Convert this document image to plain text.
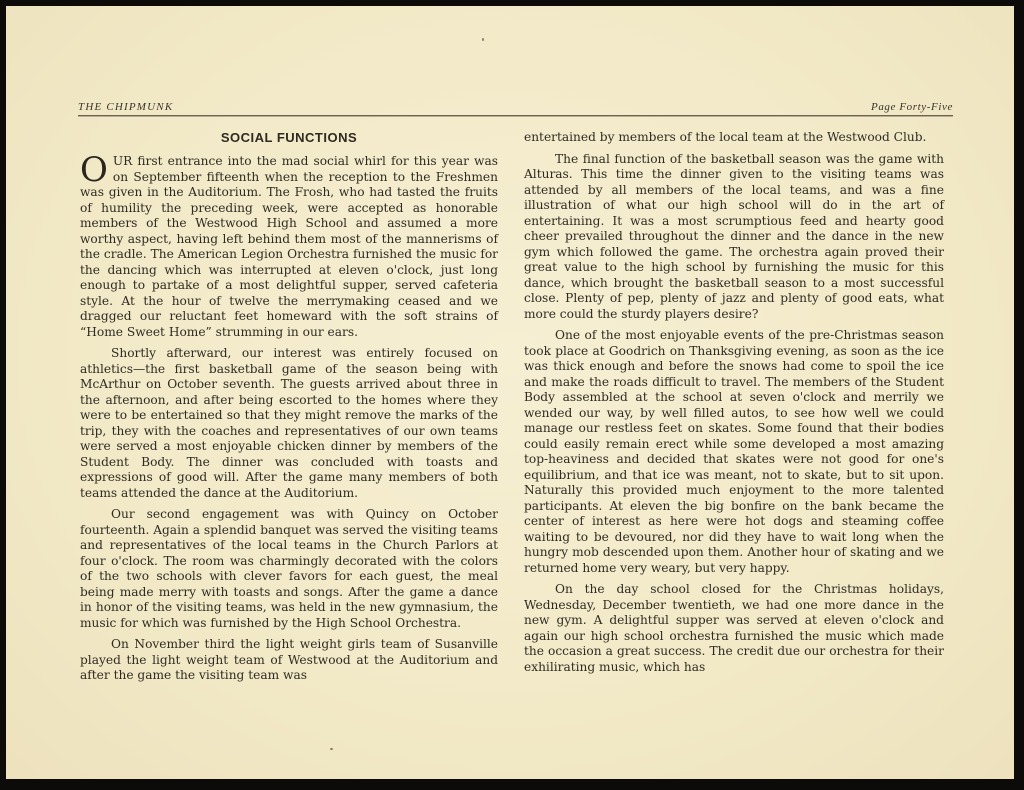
THE CHIPMUNK	Page Forty-Five
SOCIAL FUNCTIONS

OUR first entrance into the mad social whirl for this year was on September fifteenth when the reception to the Freshmen was given in the Auditorium. The Frosh, who had tasted the fruits of humility the preceding week, were accepted as honorable members of the Westwood High School and assumed a more worthy aspect, having left behind them most of the mannerisms of the cradle. The American Legion Orchestra furnished the music for the dancing which was interrupted at eleven o'clock, just long enough to partake of a most delightful supper, served cafeteria style. At the hour of twelve the merrymaking ceased and we dragged our reluctant feet homeward with the soft strains of “Home Sweet Home” strumming in our ears.

Shortly afterward, our interest was entirely focused on athletics—the first basketball game of the season being with McArthur on October seventh. The guests arrived about three in the afternoon, and after being escorted to the homes where they were to be entertained so that they might remove the marks of the trip, they with the coaches and representatives of our own teams were served a most enjoyable chicken dinner by members of the Student Body. The dinner was concluded with toasts and expressions of good will. After the game many members of both teams attended the dance at the Auditorium.

Our second engagement was with Quincy on October fourteenth. Again a splendid banquet was served the visiting teams and representatives of the local teams in the Church Parlors at four o'clock. The room was charmingly decorated with the colors of the two schools with clever favors for each guest, the meal being made merry with toasts and songs. After the game a dance in honor of the visiting teams, was held in the new gymnasium, the music for which was furnished by the High School Orchestra.

On November third the light weight girls team of Susanville played the light weight team of Westwood at the Auditorium and after the game the visiting team was

entertained by members of the local team at the Westwood Club.

The final function of the basketball season was the game with Alturas. This time the dinner given to the visiting teams was attended by all members of the local teams, and was a fine illustration of what our high school will do in the art of entertaining. It was a most scrumptious feed and hearty good cheer prevailed throughout the dinner and the dance in the new gym which followed the game. The orchestra again proved their great value to the high school by furnishing the music for this dance, which brought the basketball season to a most successful close. Plenty of pep, plenty of jazz and plenty of good eats, what more could the sturdy players desire?

One of the most enjoyable events of the pre-Christmas season took place at Goodrich on Thanksgiving evening, as soon as the ice was thick enough and before the snows had come to spoil the ice and make the roads difficult to travel. The members of the Student Body assembled at the school at seven o'clock and merrily we wended our way, by well filled autos, to see how well we could manage our restless feet on skates. Some found that their bodies could easily remain erect while some developed a most amazing top-heaviness and decided that skates were not good for one's equilibrium, and that ice was meant, not to skate, but to sit upon. Naturally this provided much enjoyment to the more talented participants. At eleven the big bonfire on the bank became the center of interest as here were hot dogs and steaming coffee waiting to be devoured, nor did they have to wait long when the hungry mob descended upon them. Another hour of skating and we returned home very weary, but very happy.

On the day school closed for the Christmas holidays, Wednesday, December twentieth, we had one more dance in the new gym. A delightful supper was served at eleven o'clock and again our high school orchestra furnished the music which made the occasion a great success. The credit due our orchestra for their exhilirating music, which has
